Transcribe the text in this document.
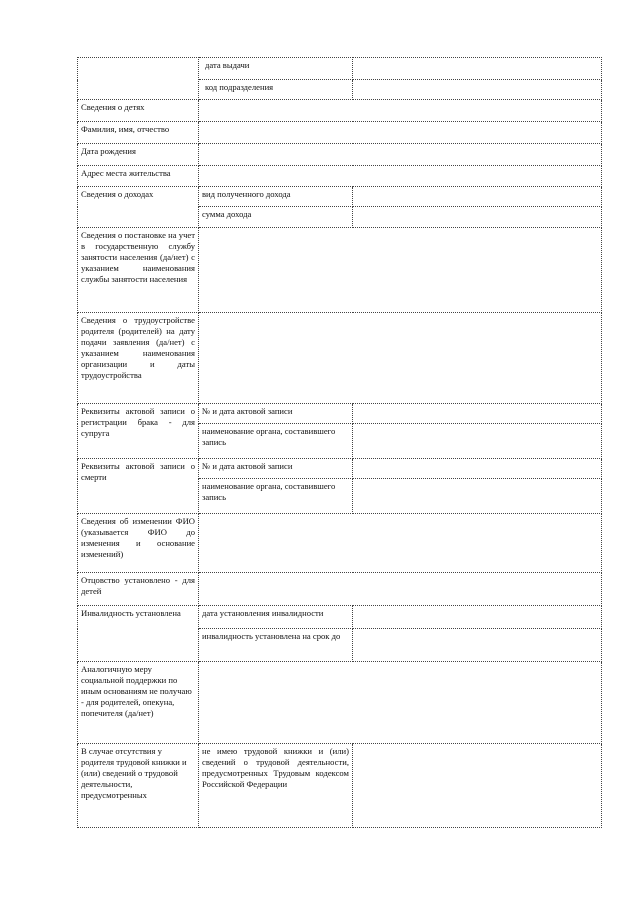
	дата выдачи	
	код подразделения	
Сведения о детях		
Фамилия, имя, отчество		
Дата рождения		
Адрес места жительства		
Сведения о доходах	вид полученного дохода	
	сумма дохода	
Сведения о постановке на учет в государственную службу занятости населения (да/нет) с указанием наименования службы занятости населения		
Сведения о трудоустройстве родителя (родителей) на дату подачи заявления (да/нет) с указанием наименования организации и даты трудоустройства		
Реквизиты актовой записи о регистрации брака - для супруга	№ и дата актовой записи	
	наименование органа, составившего запись	
Реквизиты актовой записи о смерти	№ и дата актовой записи	
	наименование органа, составившего запись	
Сведения об изменении ФИО (указывается ФИО до изменения и основание изменений)		
Отцовство установлено - для детей		
Инвалидность установлена	дата установления инвалидности	
	инвалидность установлена на срок до	
Аналогичную меру социальной поддержки по иным основаниям не получаю - для родителей, опекуна, попечителя (да/нет)		
В случае отсутствия у родителя трудовой книжки и (или) сведений о трудовой деятельности, предусмотренных	не имею трудовой книжки и (или) сведений о трудовой деятельности, предусмотренных Трудовым кодексом Российской Федерации	
